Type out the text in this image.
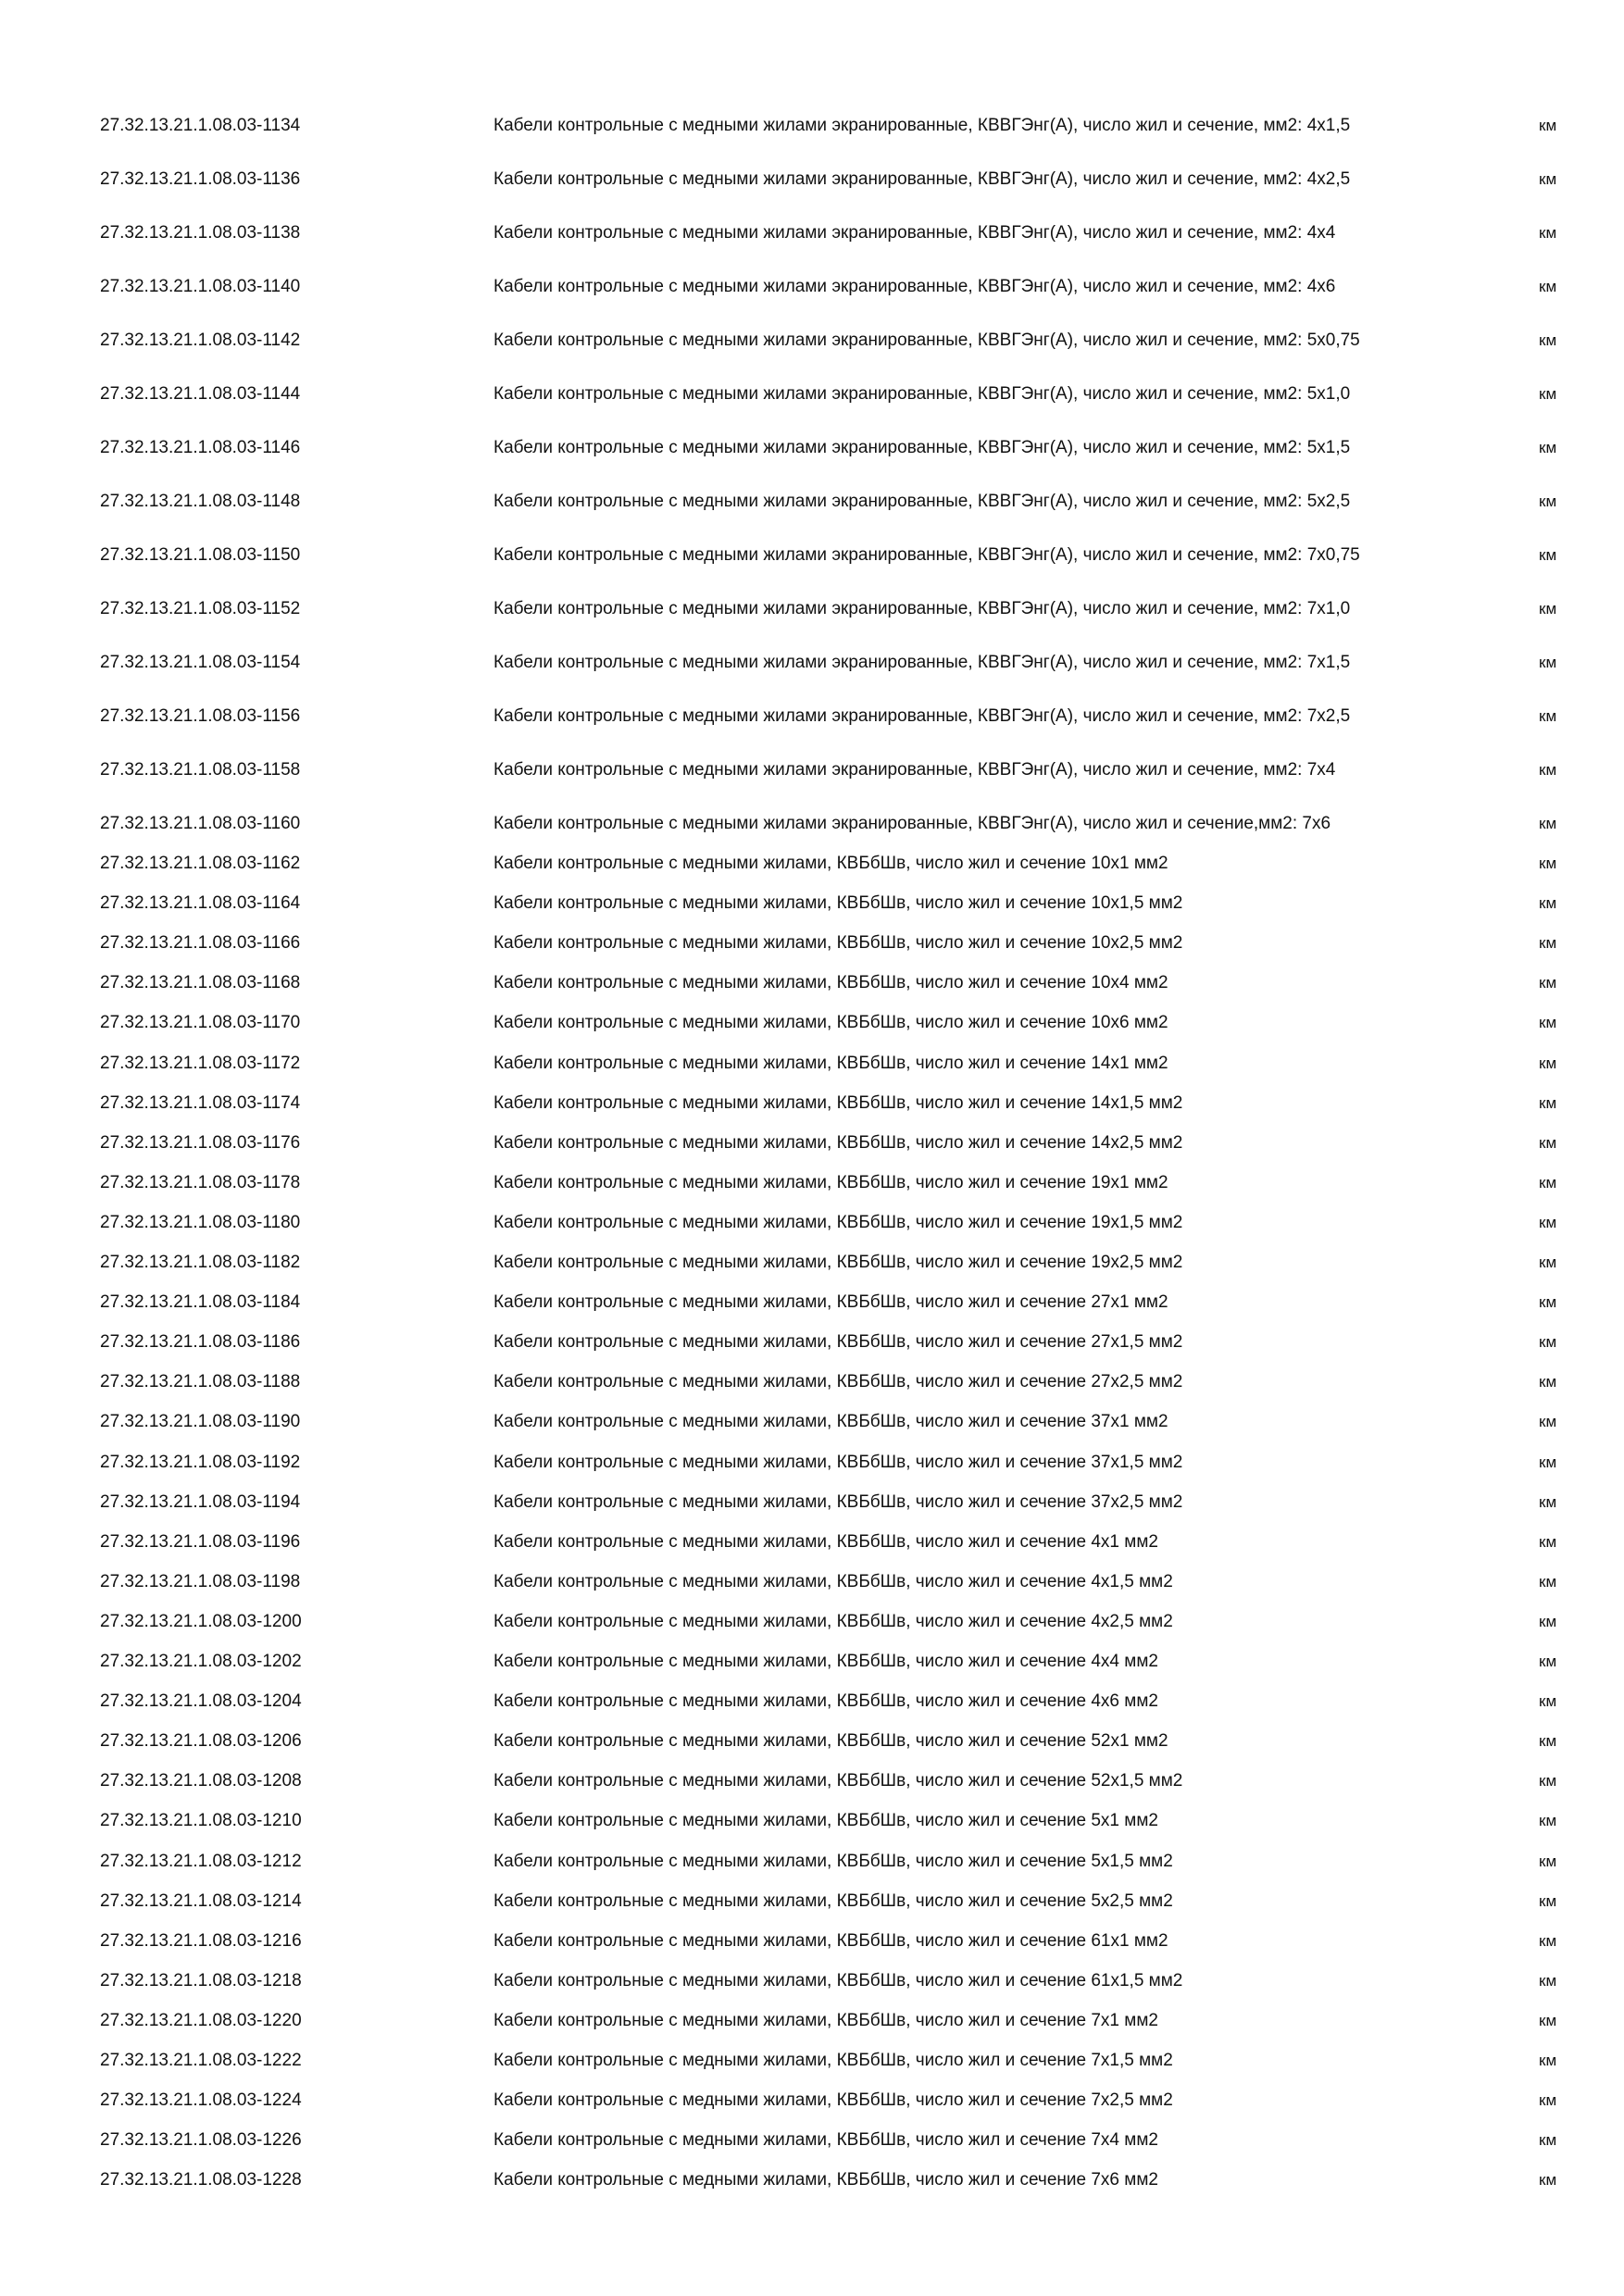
27.32.13.21.1.08.03-1134	Кабели контрольные с медными жилами экранированные, КВВГЭнг(А), число жил и сечение, мм2: 4х1,5	км
27.32.13.21.1.08.03-1136	Кабели контрольные с медными жилами экранированные, КВВГЭнг(А), число жил и сечение, мм2: 4х2,5	км
27.32.13.21.1.08.03-1138	Кабели контрольные с медными жилами экранированные, КВВГЭнг(А), число жил и сечение, мм2: 4х4	км
27.32.13.21.1.08.03-1140	Кабели контрольные с медными жилами экранированные, КВВГЭнг(А), число жил и сечение, мм2: 4х6	км
27.32.13.21.1.08.03-1142	Кабели контрольные с медными жилами экранированные, КВВГЭнг(А), число жил и сечение, мм2: 5х0,75	км
27.32.13.21.1.08.03-1144	Кабели контрольные с медными жилами экранированные, КВВГЭнг(А), число жил и сечение, мм2: 5х1,0	км
27.32.13.21.1.08.03-1146	Кабели контрольные с медными жилами экранированные, КВВГЭнг(А), число жил и сечение, мм2: 5х1,5	км
27.32.13.21.1.08.03-1148	Кабели контрольные с медными жилами экранированные, КВВГЭнг(А), число жил и сечение, мм2: 5х2,5	км
27.32.13.21.1.08.03-1150	Кабели контрольные с медными жилами экранированные, КВВГЭнг(А), число жил и сечение, мм2: 7х0,75	км
27.32.13.21.1.08.03-1152	Кабели контрольные с медными жилами экранированные, КВВГЭнг(А), число жил и сечение, мм2: 7х1,0	км
27.32.13.21.1.08.03-1154	Кабели контрольные с медными жилами экранированные, КВВГЭнг(А), число жил и сечение, мм2: 7х1,5	км
27.32.13.21.1.08.03-1156	Кабели контрольные с медными жилами экранированные, КВВГЭнг(А), число жил и сечение, мм2: 7х2,5	км
27.32.13.21.1.08.03-1158	Кабели контрольные с медными жилами экранированные, КВВГЭнг(А), число жил и сечение, мм2: 7х4	км
27.32.13.21.1.08.03-1160	Кабели контрольные с медными жилами экранированные, КВВГЭнг(А), число жил и сечение,мм2: 7х6	км
27.32.13.21.1.08.03-1162	Кабели контрольные с медными жилами, КВБбШв, число жил и сечение 10х1 мм2	км
27.32.13.21.1.08.03-1164	Кабели контрольные с медными жилами, КВБбШв, число жил и сечение 10х1,5 мм2	км
27.32.13.21.1.08.03-1166	Кабели контрольные с медными жилами, КВБбШв, число жил и сечение 10х2,5 мм2	км
27.32.13.21.1.08.03-1168	Кабели контрольные с медными жилами, КВБбШв, число жил и сечение 10х4 мм2	км
27.32.13.21.1.08.03-1170	Кабели контрольные с медными жилами, КВБбШв, число жил и сечение 10х6 мм2	км
27.32.13.21.1.08.03-1172	Кабели контрольные с медными жилами, КВБбШв, число жил и сечение 14х1 мм2	км
27.32.13.21.1.08.03-1174	Кабели контрольные с медными жилами, КВБбШв, число жил и сечение 14х1,5 мм2	км
27.32.13.21.1.08.03-1176	Кабели контрольные с медными жилами, КВБбШв, число жил и сечение 14х2,5 мм2	км
27.32.13.21.1.08.03-1178	Кабели контрольные с медными жилами, КВБбШв, число жил и сечение 19х1 мм2	км
27.32.13.21.1.08.03-1180	Кабели контрольные с медными жилами, КВБбШв, число жил и сечение 19х1,5 мм2	км
27.32.13.21.1.08.03-1182	Кабели контрольные с медными жилами, КВБбШв, число жил и сечение 19х2,5 мм2	км
27.32.13.21.1.08.03-1184	Кабели контрольные с медными жилами, КВБбШв, число жил и сечение 27х1 мм2	км
27.32.13.21.1.08.03-1186	Кабели контрольные с медными жилами, КВБбШв, число жил и сечение 27х1,5 мм2	км
27.32.13.21.1.08.03-1188	Кабели контрольные с медными жилами, КВБбШв, число жил и сечение 27х2,5 мм2	км
27.32.13.21.1.08.03-1190	Кабели контрольные с медными жилами, КВБбШв, число жил и сечение 37х1 мм2	км
27.32.13.21.1.08.03-1192	Кабели контрольные с медными жилами, КВБбШв, число жил и сечение 37х1,5 мм2	км
27.32.13.21.1.08.03-1194	Кабели контрольные с медными жилами, КВБбШв, число жил и сечение 37х2,5 мм2	км
27.32.13.21.1.08.03-1196	Кабели контрольные с медными жилами, КВБбШв, число жил и сечение 4х1 мм2	км
27.32.13.21.1.08.03-1198	Кабели контрольные с медными жилами, КВБбШв, число жил и сечение 4х1,5 мм2	км
27.32.13.21.1.08.03-1200	Кабели контрольные с медными жилами, КВБбШв, число жил и сечение 4х2,5 мм2	км
27.32.13.21.1.08.03-1202	Кабели контрольные с медными жилами, КВБбШв, число жил и сечение 4х4 мм2	км
27.32.13.21.1.08.03-1204	Кабели контрольные с медными жилами, КВБбШв, число жил и сечение 4х6 мм2	км
27.32.13.21.1.08.03-1206	Кабели контрольные с медными жилами, КВБбШв, число жил и сечение 52х1 мм2	км
27.32.13.21.1.08.03-1208	Кабели контрольные с медными жилами, КВБбШв, число жил и сечение 52х1,5 мм2	км
27.32.13.21.1.08.03-1210	Кабели контрольные с медными жилами, КВБбШв, число жил и сечение 5х1 мм2	км
27.32.13.21.1.08.03-1212	Кабели контрольные с медными жилами, КВБбШв, число жил и сечение 5х1,5 мм2	км
27.32.13.21.1.08.03-1214	Кабели контрольные с медными жилами, КВБбШв, число жил и сечение 5х2,5 мм2	км
27.32.13.21.1.08.03-1216	Кабели контрольные с медными жилами, КВБбШв, число жил и сечение 61х1 мм2	км
27.32.13.21.1.08.03-1218	Кабели контрольные с медными жилами, КВБбШв, число жил и сечение 61х1,5 мм2	км
27.32.13.21.1.08.03-1220	Кабели контрольные с медными жилами, КВБбШв, число жил и сечение 7х1 мм2	км
27.32.13.21.1.08.03-1222	Кабели контрольные с медными жилами, КВБбШв, число жил и сечение 7х1,5 мм2	км
27.32.13.21.1.08.03-1224	Кабели контрольные с медными жилами, КВБбШв, число жил и сечение 7х2,5 мм2	км
27.32.13.21.1.08.03-1226	Кабели контрольные с медными жилами, КВБбШв, число жил и сечение 7х4 мм2	км
27.32.13.21.1.08.03-1228	Кабели контрольные с медными жилами, КВБбШв, число жил и сечение 7х6 мм2	км
